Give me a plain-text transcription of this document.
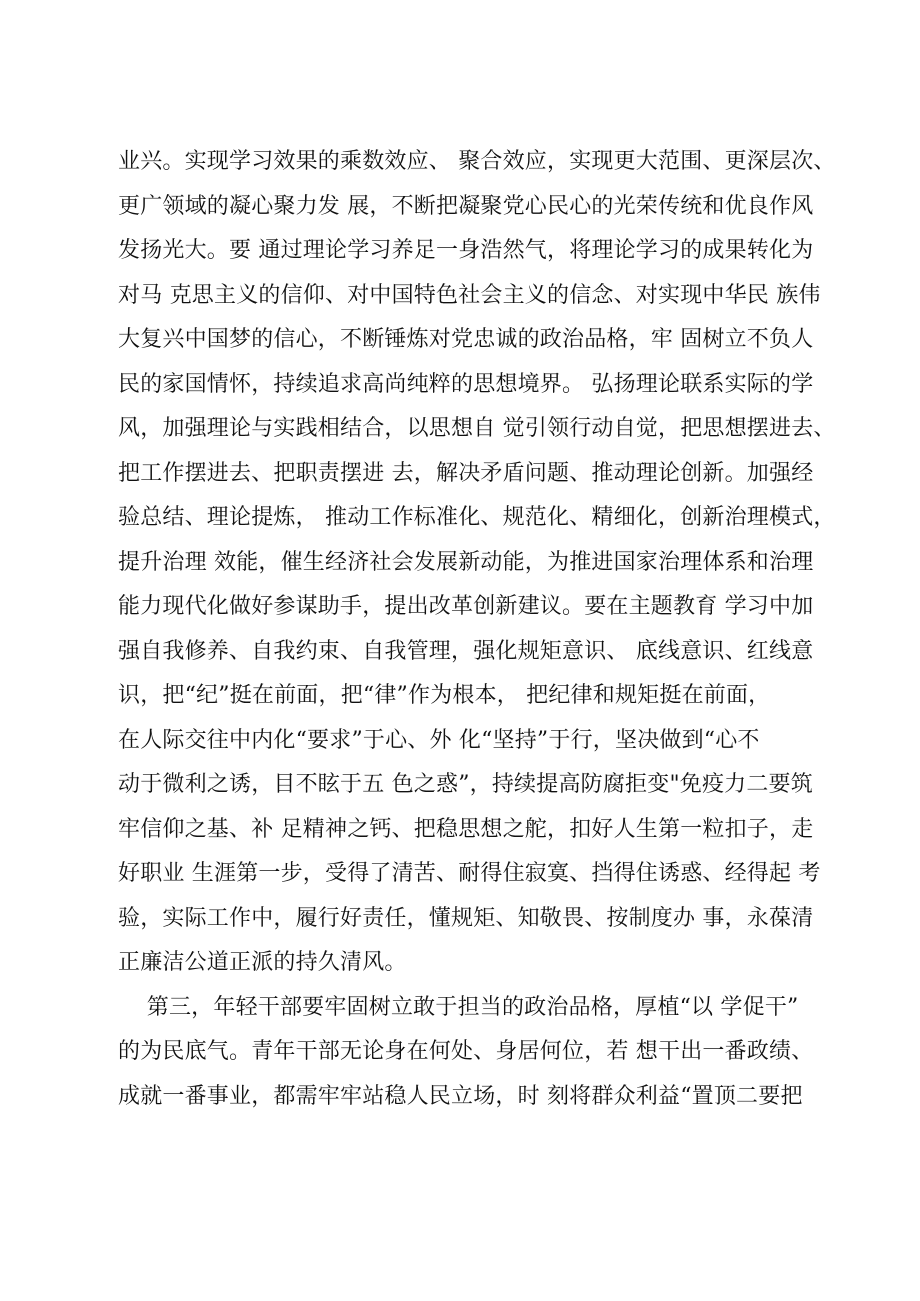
业兴。实现学习效果的乘数效应、 聚合效应，实现更大范围、更深层次、
更广领域的凝心聚力发 展，不断把凝聚党心民心的光荣传统和优良作风
发扬光大。要 通过理论学习养足一身浩然气，将理论学习的成果转化为
对马 克思主义的信仰、对中国特色社会主义的信念、对实现中华民 族伟
大复兴中国梦的信心，不断锤炼对党忠诚的政治品格，牢 固树立不负人
民的家国情怀，持续追求高尚纯粹的思想境界。 弘扬理论联系实际的学
风，加强理论与实践相结合，以思想自 觉引领行动自觉，把思想摆进去、
把工作摆进去、把职责摆进 去，解决矛盾问题、推动理论创新。加强经
验总结、理论提炼， 推动工作标准化、规范化、精细化，创新治理模式，
提升治理 效能，催生经济社会发展新动能，为推进国家治理体系和治理
能力现代化做好参谋助手，提出改革创新建议。要在主题教育 学习中加
强自我修养、自我约束、自我管理，强化规矩意识、 底线意识、红线意
识，把“纪”挺在前面，把“律”作为根本， 把纪律和规矩挺在前面，
在人际交往中内化“要求”于心、外 化“坚持”于行，坚决做到“心不
动于微利之诱，目不眩于五 色之惑”，持续提高防腐拒变"免疫力二要筑
牢信仰之基、补 足精神之钙、把稳思想之舵，扣好人生第一粒扣子，走
好职业 生涯第一步，受得了清苦、耐得住寂寞、挡得住诱惑、经得起 考
验，实际工作中，履行好责任，懂规矩、知敬畏、按制度办 事，永葆清
正廉洁公道正派的持久清风。
第三，年轻干部要牢固树立敢于担当的政治品格，厚植“以 学促干”
的为民底气。青年干部无论身在何处、身居何位，若 想干出一番政绩、
成就一番事业，都需牢牢站稳人民立场，时 刻将群众利益“置顶二要把
